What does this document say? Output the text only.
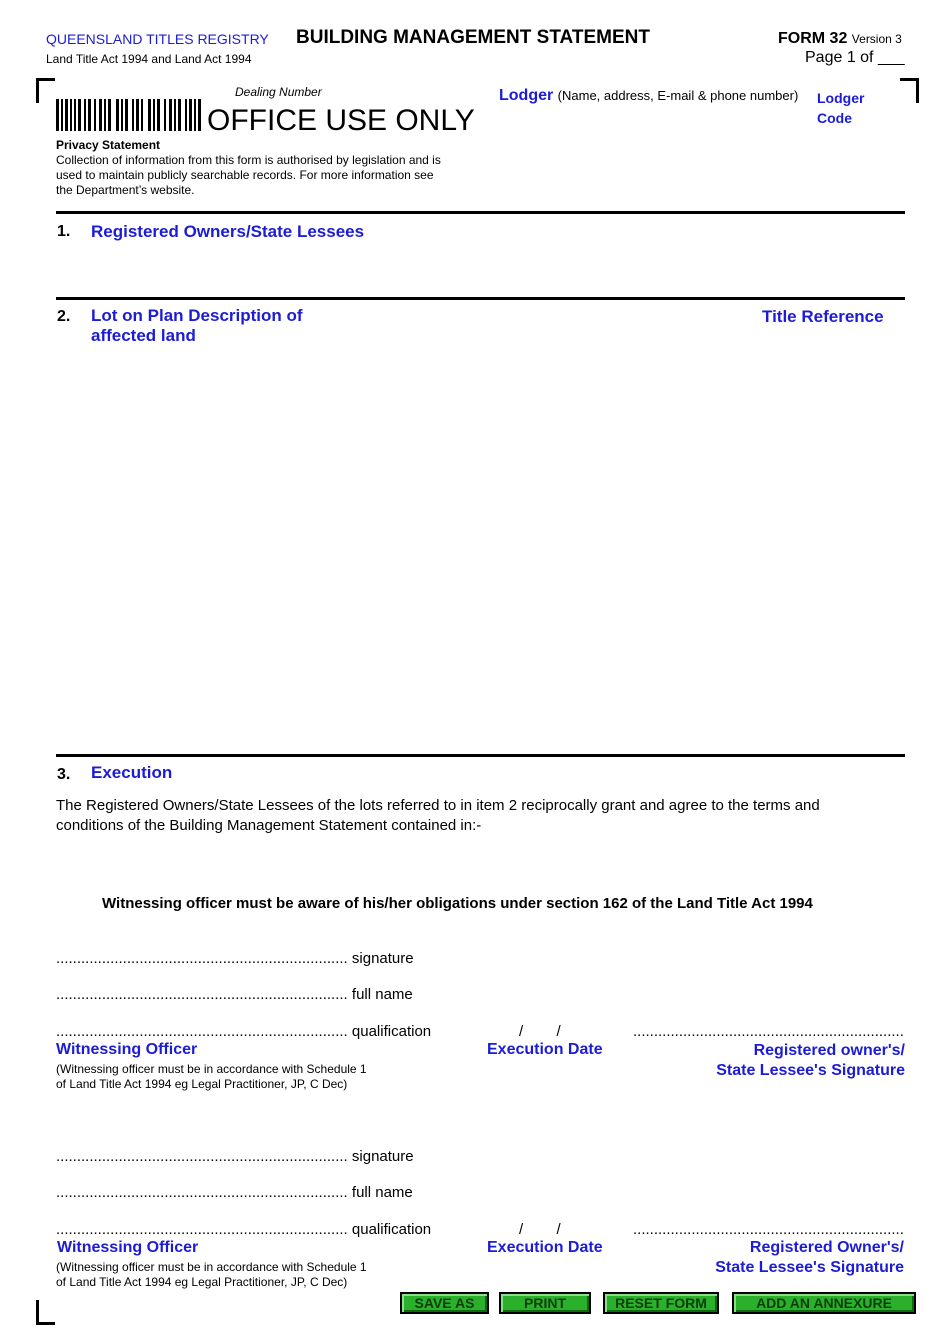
QUEENSLAND TITLES REGISTRY
Land Title Act 1994 and Land Act 1994
BUILDING MANAGEMENT STATEMENT	FORM 32 Version 3
Page 1 of ___
Dealing Number
OFFICE USE ONLY
Lodger (Name, address, E-mail & phone number) Lodger
Code
Privacy Statement
Collection of information from this form is authorised by legislation and is
used to maintain publicly searchable records. For more information see
the Department’s website.
1. Registered Owners/State Lessees
2. Lot on Plan Description of
affected land
Title Reference
3. Execution
The Registered Owners/State Lessees of the lots referred to in item 2 reciprocally grant and agree to the terms and
conditions of the Building Management Statement contained in:-
Witnessing officer must be aware of his/her obligations under section 162 of the Land Title Act 1994
...................................................................... signature
...................................................................... full name
...................................................................... qualification
Witnessing Officer
(Witnessing officer must be in accordance with Schedule 1
of Land Title Act 1994 eg Legal Practitioner, JP, C Dec)
/        /
Execution Date
.................................................................
Registered owner's/
State Lessee's Signature
...................................................................... signature
...................................................................... full name
...................................................................... qualification
Witnessing Officer
(Witnessing officer must be in accordance with Schedule 1
of Land Title Act 1994 eg Legal Practitioner, JP, C Dec)
/        /
Execution Date
.................................................................
Registered Owner's/
State Lessee's Signature
SAVE AS	PRINT	RESET FORM	ADD AN ANNEXURE
